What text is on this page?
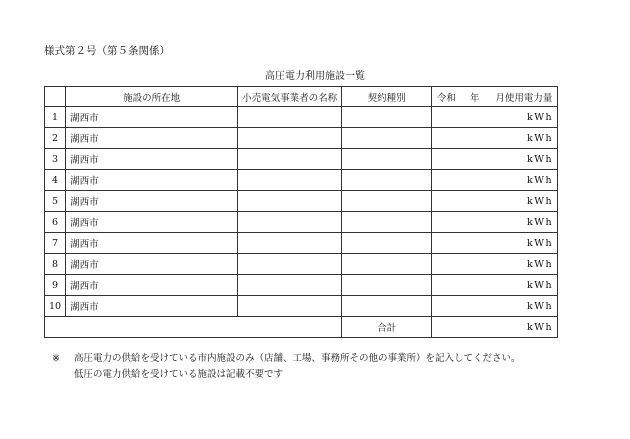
様式第２号（第５条関係）
高圧電力利用施設一覧
	施設の所在地	小売電気事業者の名称	契約種別	令和 年 月使用電力量
1	湖西市			kWh
2	湖西市			kWh
3	湖西市			kWh
4	湖西市			kWh
5	湖西市			kWh
6	湖西市			kWh
7	湖西市			kWh
8	湖西市			kWh
9	湖西市			kWh
10	湖西市			kWh
			合計	kWh
※ 高圧電力の供給を受けている市内施設のみ（店舗、工場、事務所その他の事業所）を記入してください。
低圧の電力供給を受けている施設は記載不要です
